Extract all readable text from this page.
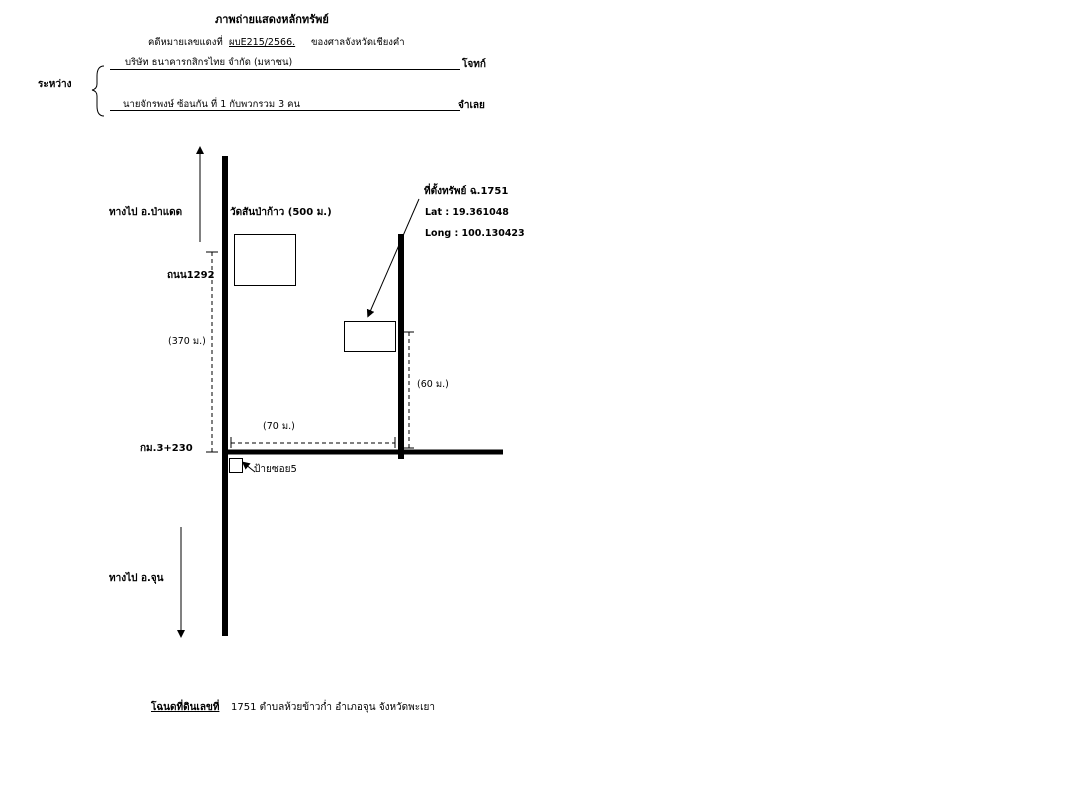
ภาพถ่ายแสดงหลักทรัพย์
คดีหมายเลขแดงที่ ผบE215/2566. ของศาลจังหวัดเชียงคำ
ระหว่าง
บริษัท ธนาคารกสิกรไทย จำกัด (มหาชน)	โจทก์
นายจักรพงษ์ ซ้อนกัน ที่ 1 กับพวกรวม 3 คน	จำเลย
ทางไป อ.ป่าแดด	วัดสันป่าก้าว (500 ม.)
ถนน1292
(370 ม.)
กม.3+230
ป้ายซอย5
(70 ม.)
(60 ม.)
ที่ตั้งทรัพย์ ฉ.1751
Lat : 19.361048
Long : 100.130423
ทางไป อ.จุน
โฉนดที่ดินเลขที่ 1751 ตำบลห้วยข้าวก่ำ อำเภอจุน จังหวัดพะเยา
